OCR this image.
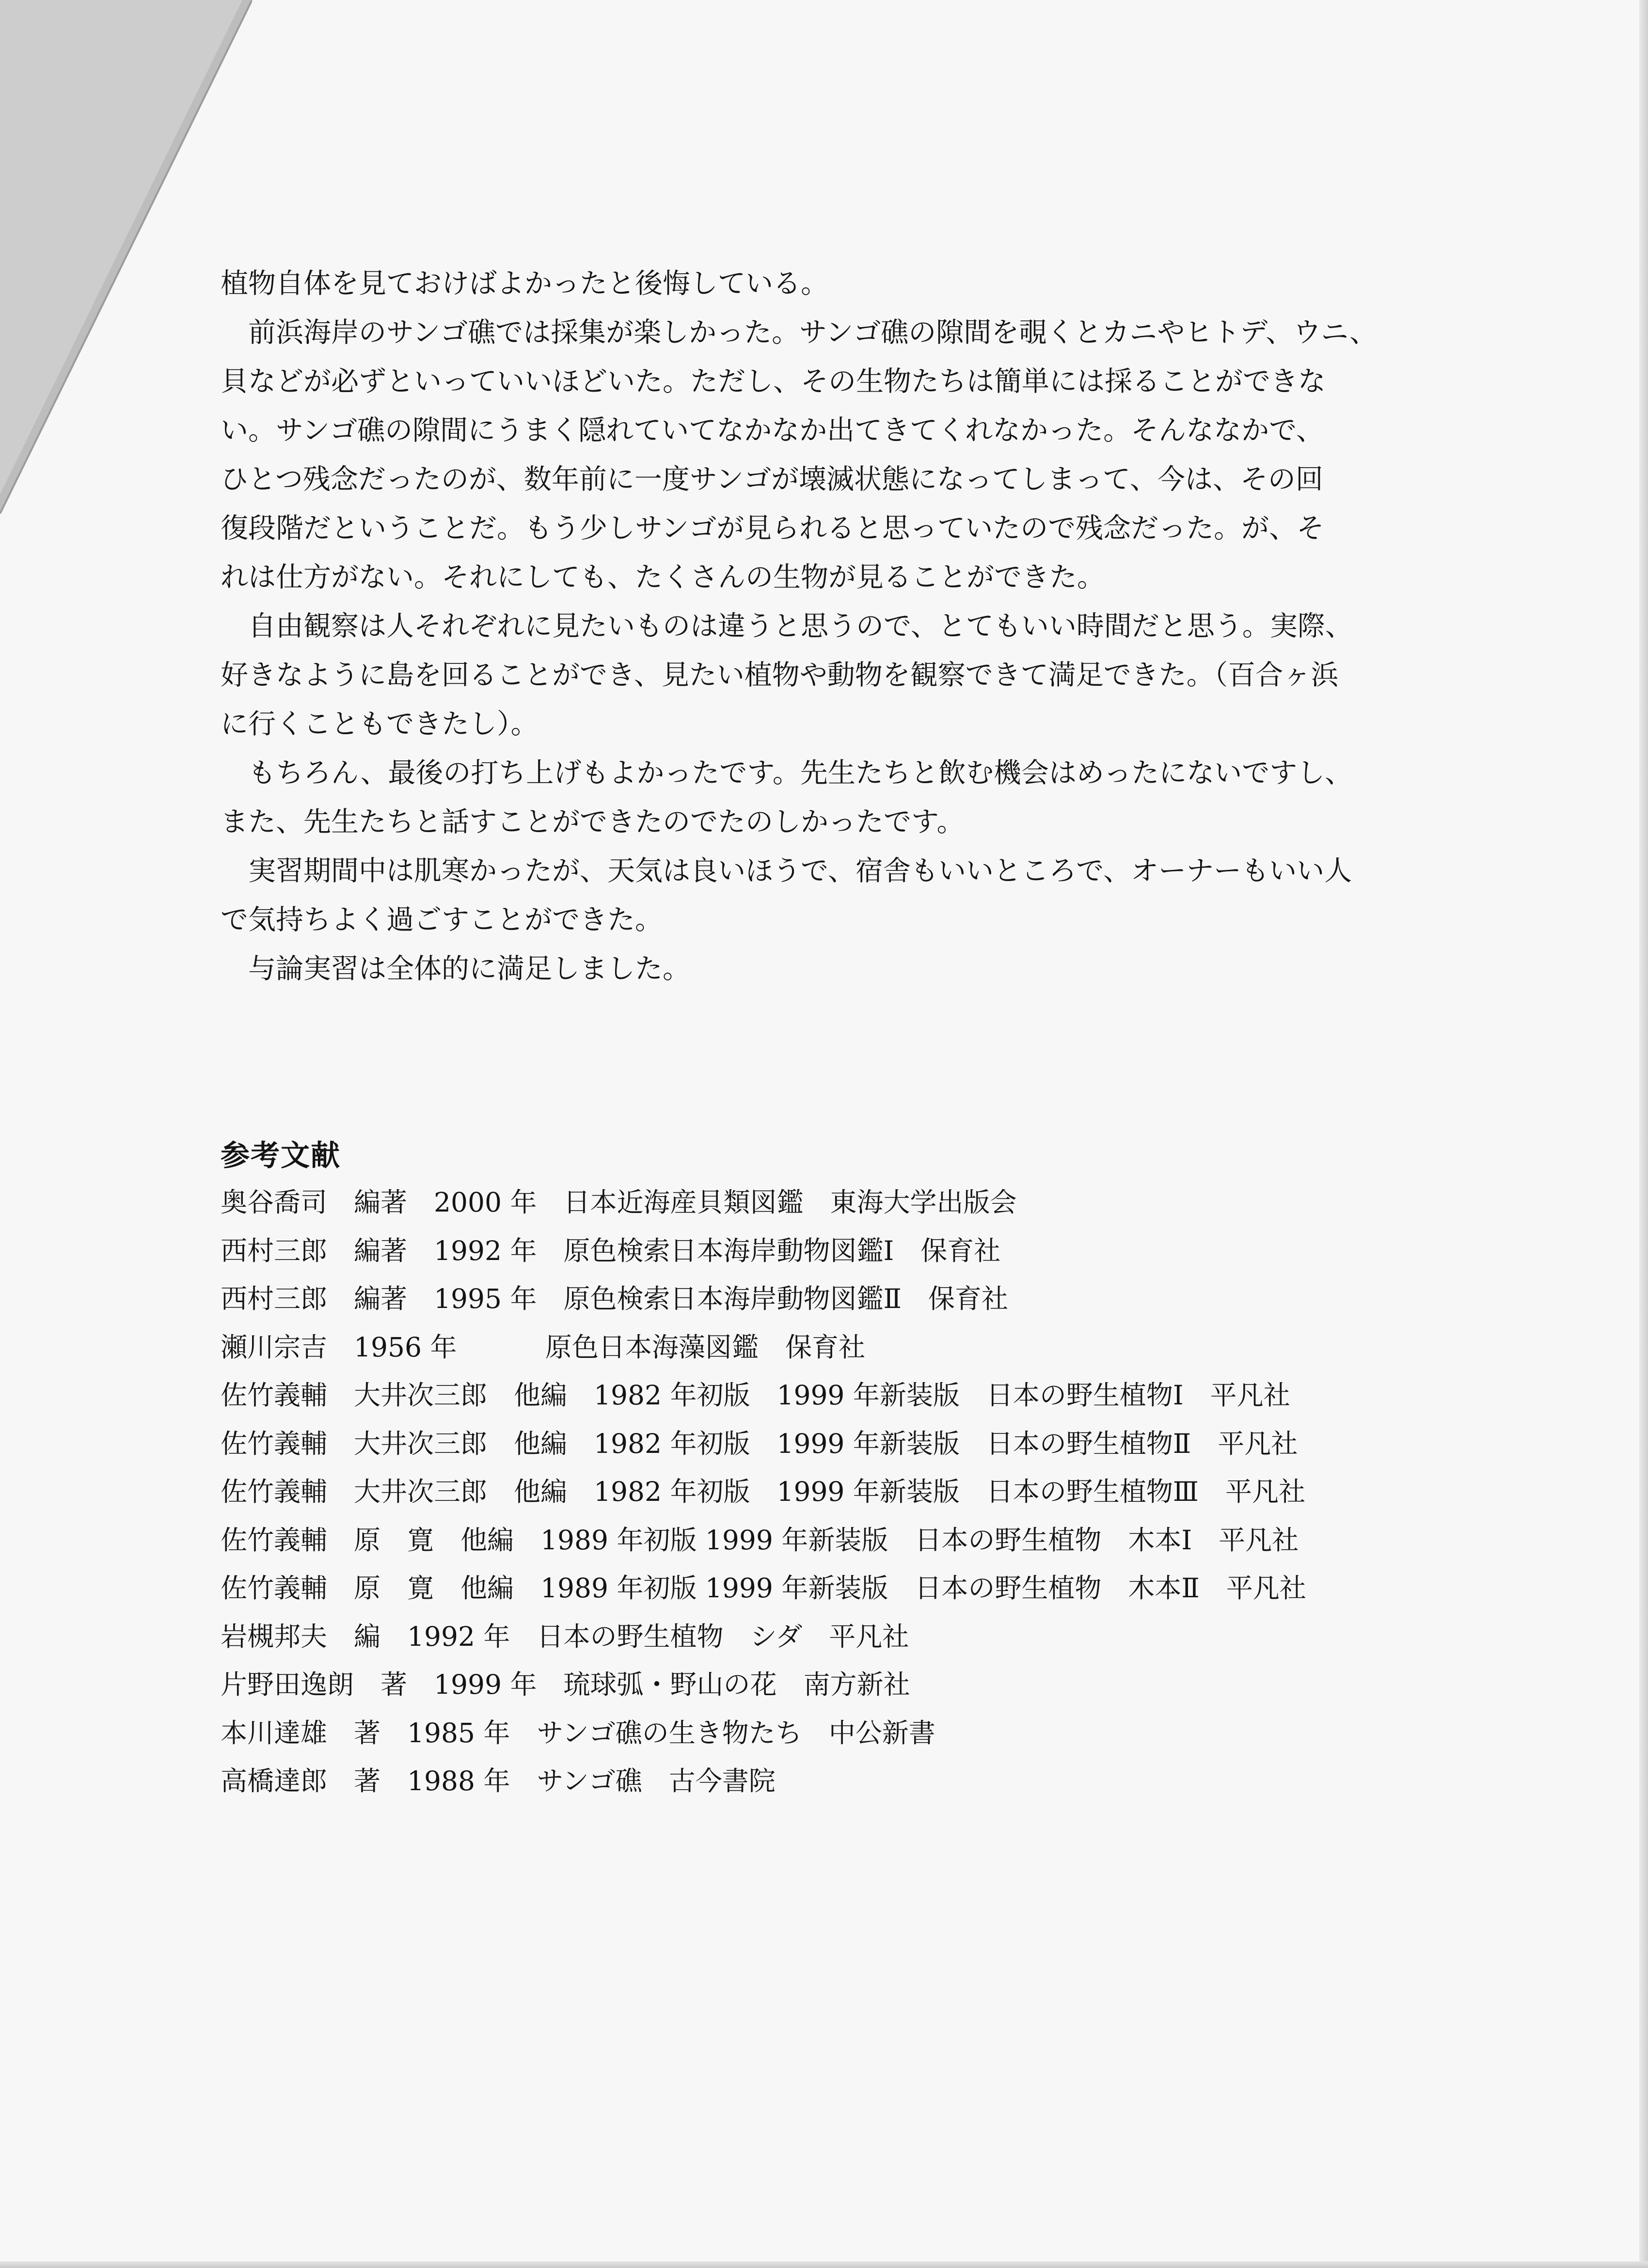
植物自体を見ておけばよかったと後悔している。

　前浜海岸のサンゴ礁では採集が楽しかった。サンゴ礁の隙間を覗くとカニやヒトデ、ウニ、
貝などが必ずといっていいほどいた。ただし、その生物たちは簡単には採ることができな
い。サンゴ礁の隙間にうまく隠れていてなかなか出てきてくれなかった。そんななかで、
ひとつ残念だったのが、数年前に一度サンゴが壊滅状態になってしまって、今は、その回
復段階だということだ。もう少しサンゴが見られると思っていたので残念だった。が、そ
れは仕方がない。それにしても、たくさんの生物が見ることができた。

　自由観察は人それぞれに見たいものは違うと思うので、とてもいい時間だと思う。実際、
好きなように島を回ることができ、見たい植物や動物を観察できて満足できた。（百合ヶ浜
に行くこともできたし）。

　もちろん、最後の打ち上げもよかったです。先生たちと飲む機会はめったにないですし、
また、先生たちと話すことができたのでたのしかったです。

　実習期間中は肌寒かったが、天気は良いほうで、宿舎もいいところで、オーナーもいい人
で気持ちよく過ごすことができた。

　与論実習は全体的に満足しました。

参考文献
奥谷喬司　編著　2000 年　日本近海産貝類図鑑　東海大学出版会
西村三郎　編著　1992 年　原色検索日本海岸動物図鑑Ⅰ　保育社
西村三郎　編著　1995 年　原色検索日本海岸動物図鑑Ⅱ　保育社
瀬川宗吉　1956 年　　　 原色日本海藻図鑑　保育社
佐竹義輔　大井次三郎　他編　1982 年初版　1999 年新装版　日本の野生植物Ⅰ　平凡社
佐竹義輔　大井次三郎　他編　1982 年初版　1999 年新装版　日本の野生植物Ⅱ　平凡社
佐竹義輔　大井次三郎　他編　1982 年初版　1999 年新装版　日本の野生植物Ⅲ　平凡社
佐竹義輔　原　寛　他編　1989 年初版 1999 年新装版　日本の野生植物　木本Ⅰ　平凡社
佐竹義輔　原　寛　他編　1989 年初版 1999 年新装版　日本の野生植物　木本Ⅱ　平凡社
岩槻邦夫　編　1992 年　日本の野生植物　シダ　平凡社
片野田逸朗　著　1999 年　琉球弧・野山の花　南方新社
本川達雄　著　1985 年　サンゴ礁の生き物たち　中公新書
高橋達郎　著　1988 年　サンゴ礁　古今書院
